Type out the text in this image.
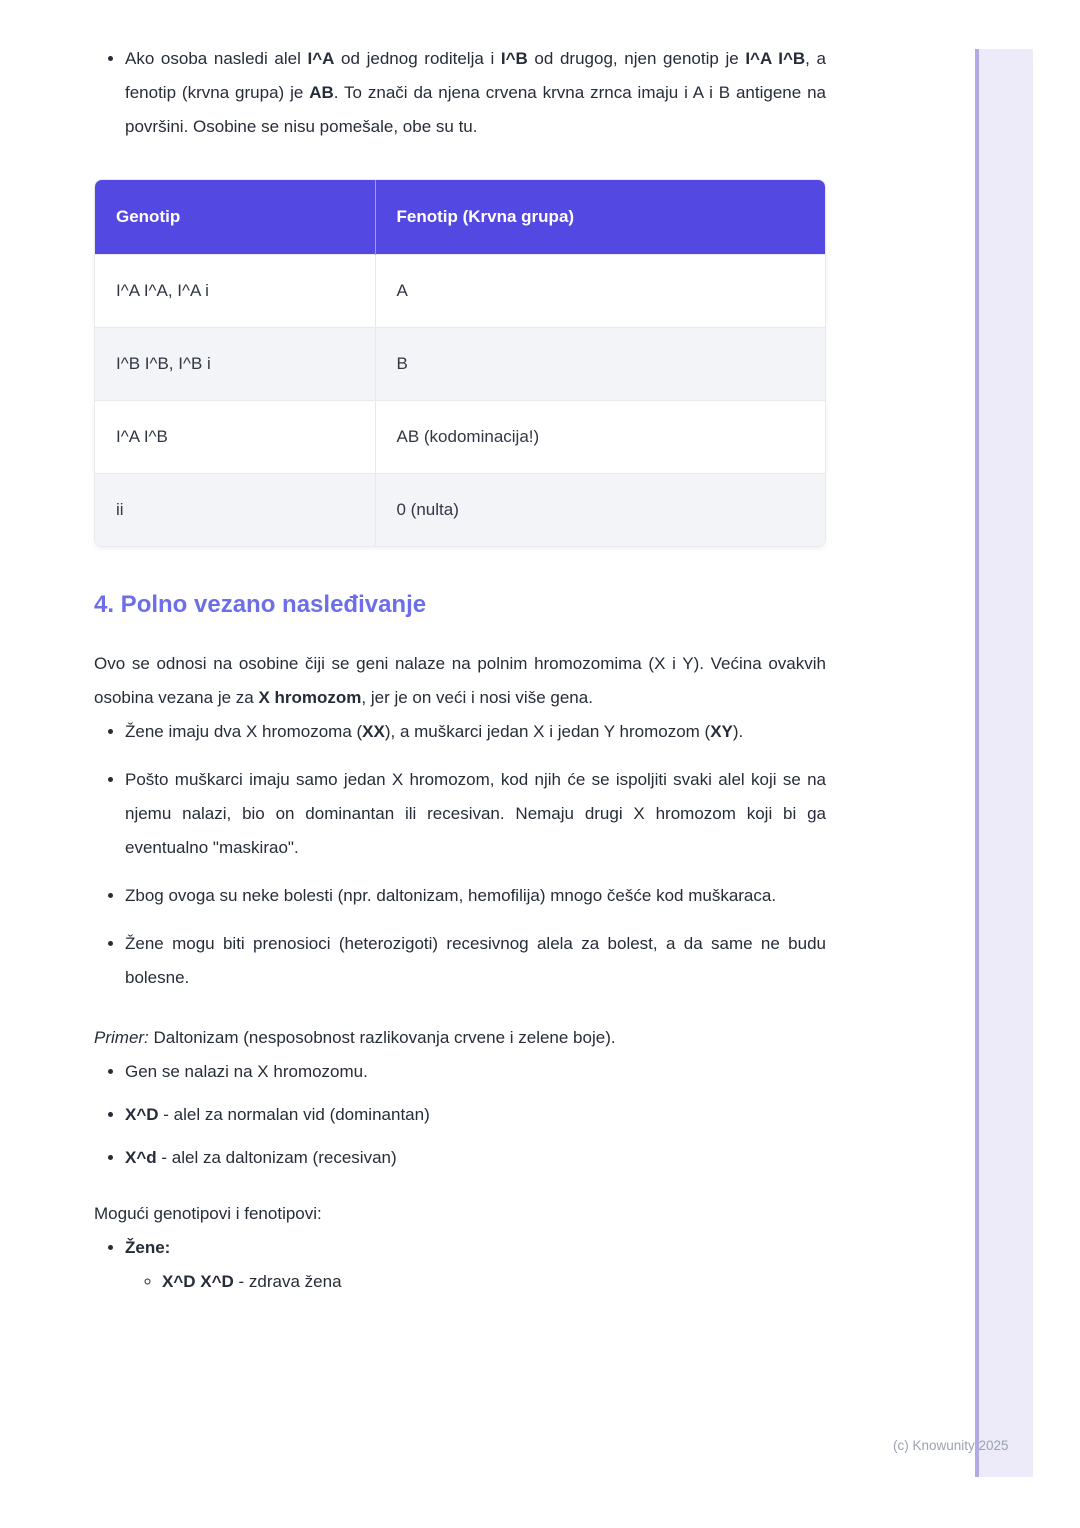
(c) Knowunity 2025
• Ako osoba nasledi alel I^A od jednog roditelja i I^B od drugog, njen genotip je I^A I^B, a fenotip (krvna grupa) je AB. To znači da njena crvena krvna zrnca imaju i A i B antigene na površini. Osobine se nisu pomešale, obe su tu.
Genotip	Fenotip (Krvna grupa)
I^A I^A, I^A i	A
I^B I^B, I^B i	B
I^A I^B	AB (kodominacija!)
ii	0 (nulta)
4. Polno vezano nasleđivanje

Ovo se odnosi na osobine čiji se geni nalaze na polnim hromozomima (X i Y). Većina ovakvih osobina vezana je za X hromozom, jer je on veći i nosi više gena.

• Žene imaju dva X hromozoma (XX), a muškarci jedan X i jedan Y hromozom (XY).
• Pošto muškarci imaju samo jedan X hromozom, kod njih će se ispoljiti svaki alel koji se na njemu nalazi, bio on dominantan ili recesivan. Nemaju drugi X hromozom koji bi ga eventualno "maskirao".
• Zbog ovoga su neke bolesti (npr. daltonizam, hemofilija) mnogo češće kod muškaraca.
• Žene mogu biti prenosioci (heterozigoti) recesivnog alela za bolest, a da same ne budu bolesne.

Primer: Daltonizam (nesposobnost razlikovanja crvene i zelene boje).

• Gen se nalazi na X hromozomu.
• X^D - alel za normalan vid (dominantan)
• X^d - alel za daltonizam (recesivan)

Mogući genotipovi i fenotipovi:

• Žene:
◦ X^D X^D - zdrava žena
